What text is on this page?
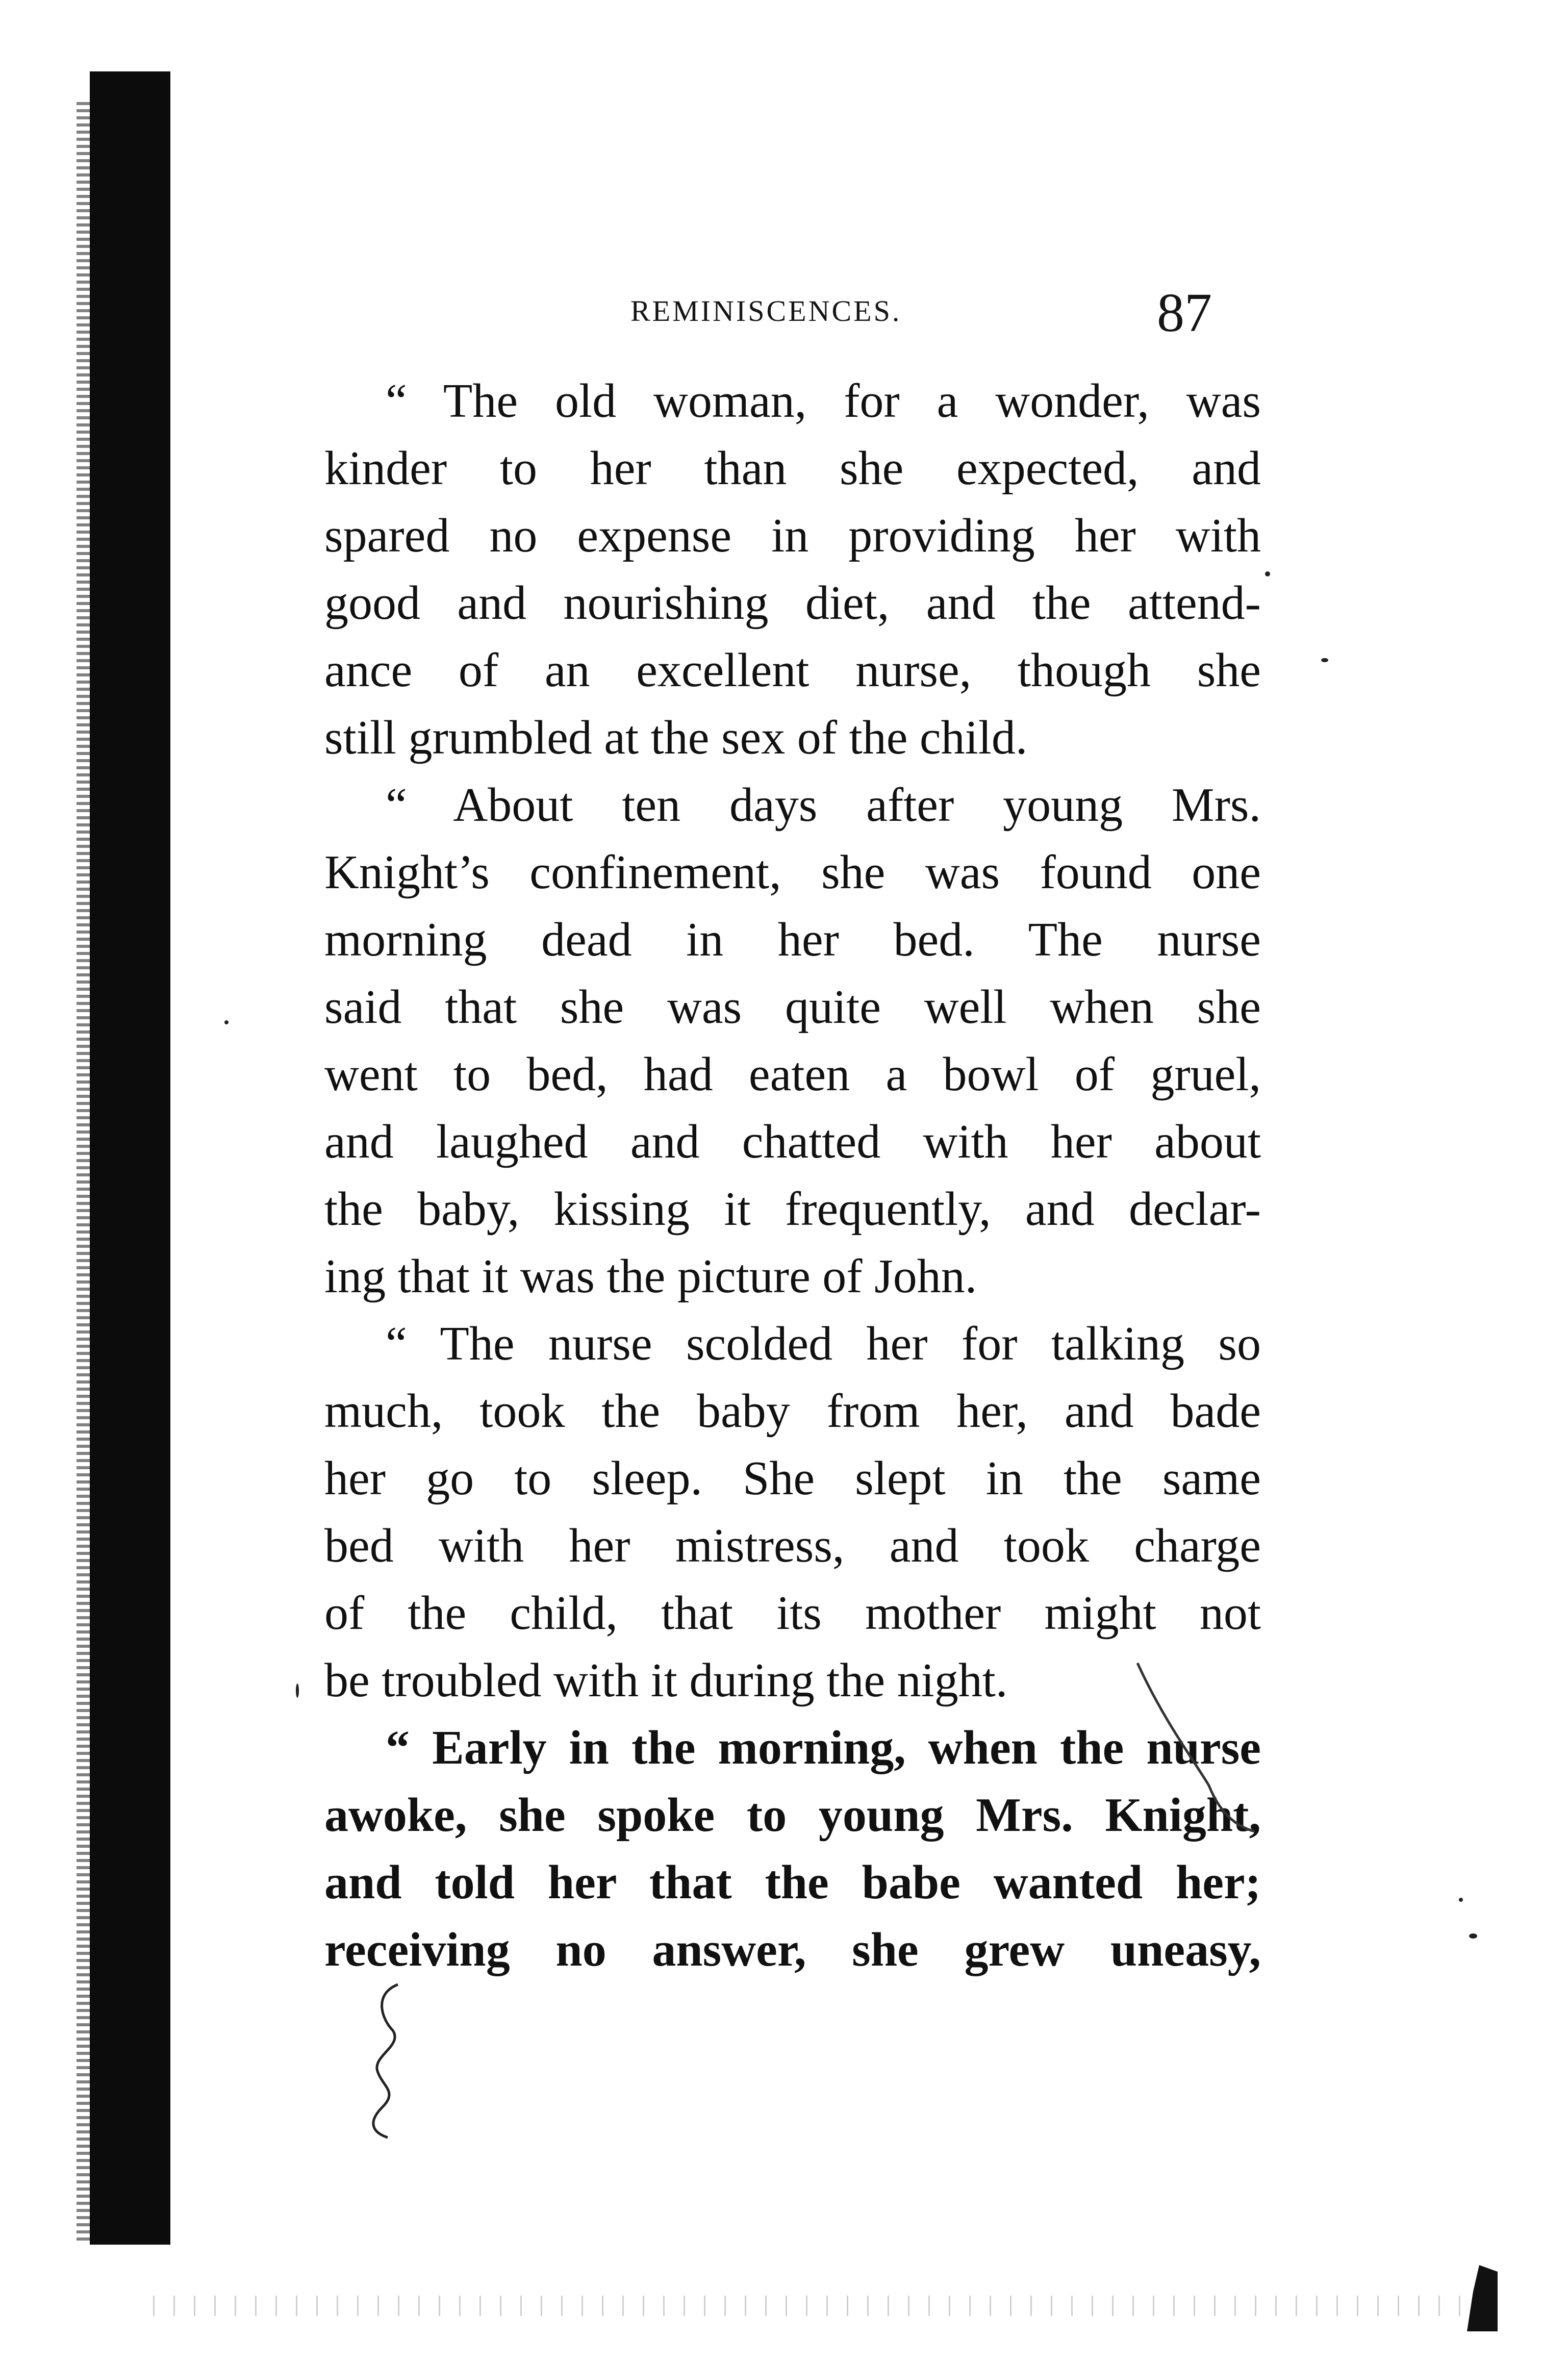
REMINISCENCES.	87
“ The old woman, for a wonder, was
kinder to her than she expected, and
spared no expense in providing her with
good and nourishing diet, and the attend-
ance of an excellent nurse, though she
still grumbled at the sex of the child.
“ About ten days after young Mrs.
Knight’s confinement, she was found one
morning dead in her bed. The nurse
said that she was quite well when she
went to bed, had eaten a bowl of gruel,
and laughed and chatted with her about
the baby, kissing it frequently, and declar-
ing that it was the picture of John.
“ The nurse scolded her for talking so
much, took the baby from her, and bade
her go to sleep. She slept in the same
bed with her mistress, and took charge
of the child, that its mother might not
be troubled with it during the night.
“ Early in the morning, when the nurse
awoke, she spoke to young Mrs. Knight,
and told her that the babe wanted her;
receiving no answer, she grew uneasy,
